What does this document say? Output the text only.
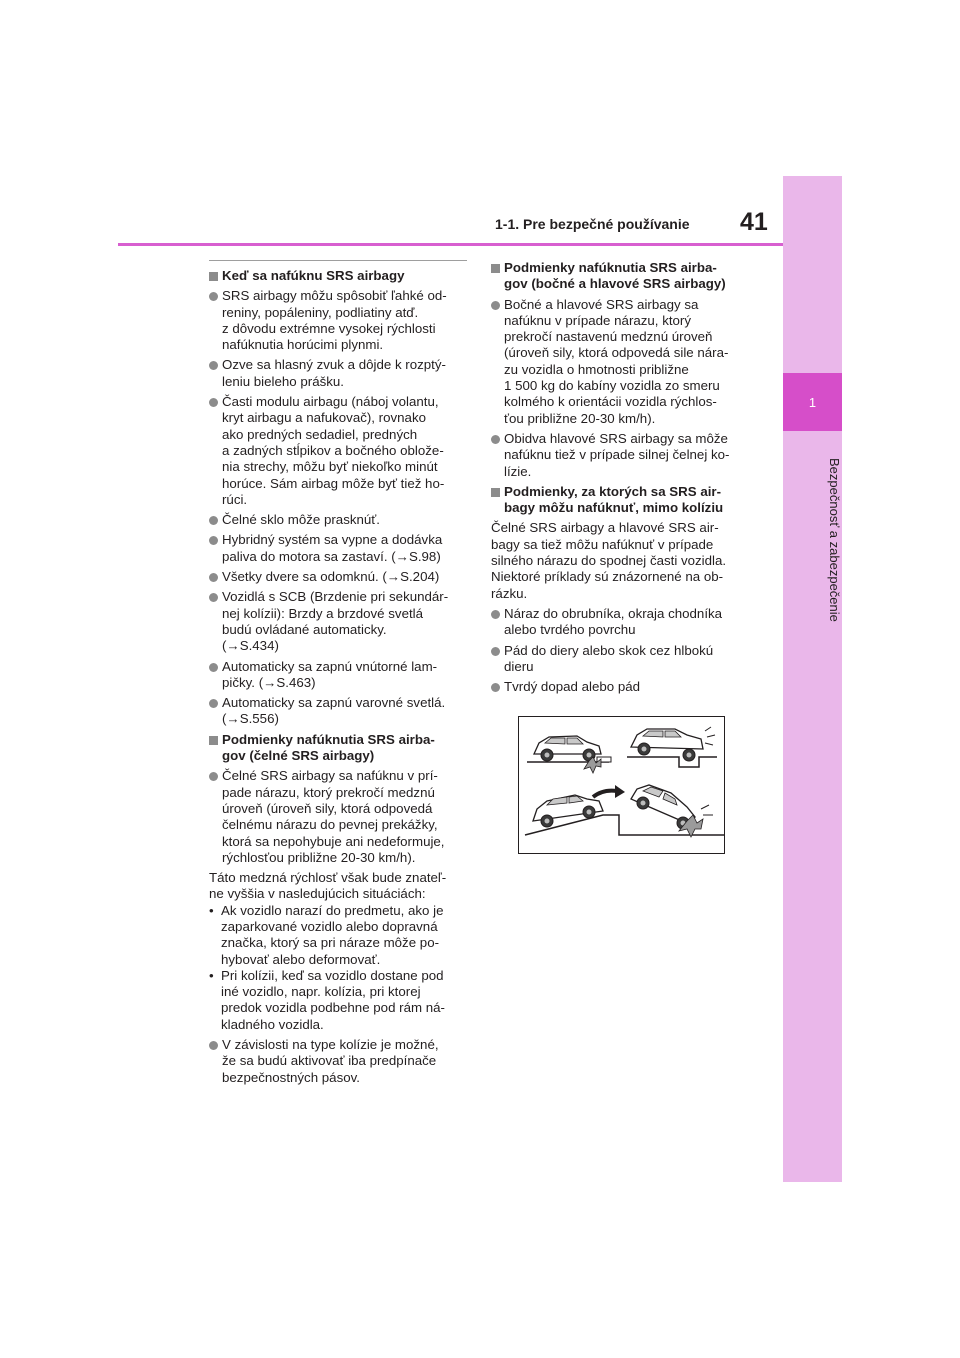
1
Bezpečnosť a zabezpečenie
1-1. Pre bezpečné používanie 41
Keď sa nafúknu SRS airbagy
SRS airbagy môžu spôsobiť ľahké od-
reniny, popáleniny, podliatiny atď.
z dôvodu extrémne vysokej rýchlosti
nafúknutia horúcimi plynmi.
Ozve sa hlasný zvuk a dôjde k rozptý-
leniu bieleho prášku.
Časti modulu airbagu (náboj volantu,
kryt airbagu a nafukovač), rovnako
ako predných sedadiel, predných
a zadných stĺpikov a bočného oblože-
nia strechy, môžu byť niekoľko minút
horúce. Sám airbag môže byť tiež ho-
rúci.
Čelné sklo môže prasknúť.
Hybridný systém sa vypne a dodávka
paliva do motora sa zastaví. (→S.98)
Všetky dvere sa odomknú. (→S.204)
Vozidlá s SCB (Brzdenie pri sekundár-
nej kolízii): Brzdy a brzdové svetlá
budú ovládané automaticky.
(→S.434)
Automaticky sa zapnú vnútorné lam-
pičky. (→S.463)
Automaticky sa zapnú varovné svetlá.
(→S.556)
Podmienky nafúknutia SRS airba-
gov (čelné SRS airbagy)
Čelné SRS airbagy sa nafúknu v prí-
pade nárazu, ktorý prekročí medznú
úroveň (úroveň sily, ktorá odpovedá
čelnému nárazu do pevnej prekážky,
ktorá sa nepohybuje ani nedeformuje,
rýchlosťou približne 20-30 km/h).
Táto medzná rýchlosť však bude znateľ-
ne vyššia v nasledujúcich situáciách:
• Ak vozidlo narazí do predmetu, ako je
zaparkované vozidlo alebo dopravná
značka, ktorý sa pri náraze môže po-
hybovať alebo deformovať.
• Pri kolízii, keď sa vozidlo dostane pod
iné vozidlo, napr. kolízia, pri ktorej
predok vozidla podbehne pod rám ná-
kladného vozidla.
V závislosti na type kolízie je možné,
že sa budú aktivovať iba predpínače
bezpečnostných pásov.
Podmienky nafúknutia SRS airba-
gov (bočné a hlavové SRS airbagy)
Bočné a hlavové SRS airbagy sa
nafúknu v prípade nárazu, ktorý
prekročí nastavenú medznú úroveň
(úroveň sily, ktorá odpovedá sile nára-
zu vozidla o hmotnosti približne
1 500 kg do kabíny vozidla zo smeru
kolmého k orientácii vozidla rýchlos-
ťou približne 20-30 km/h).
Obidva hlavové SRS airbagy sa môže
nafúknu tiež v prípade silnej čelnej ko-
lízie.
Podmienky, za ktorých sa SRS air-
bagy môžu nafúknuť, mimo kolíziu
Čelné SRS airbagy a hlavové SRS air-
bagy sa tiež môžu nafúknuť v prípade
silného nárazu do spodnej časti vozidla.
Niektoré príklady sú znázornené na ob-
rázku.
Náraz do obrubníka, okraja chodníka
alebo tvrdého povrchu
Pád do diery alebo skok cez hlbokú
dieru
Tvrdý dopad alebo pád
